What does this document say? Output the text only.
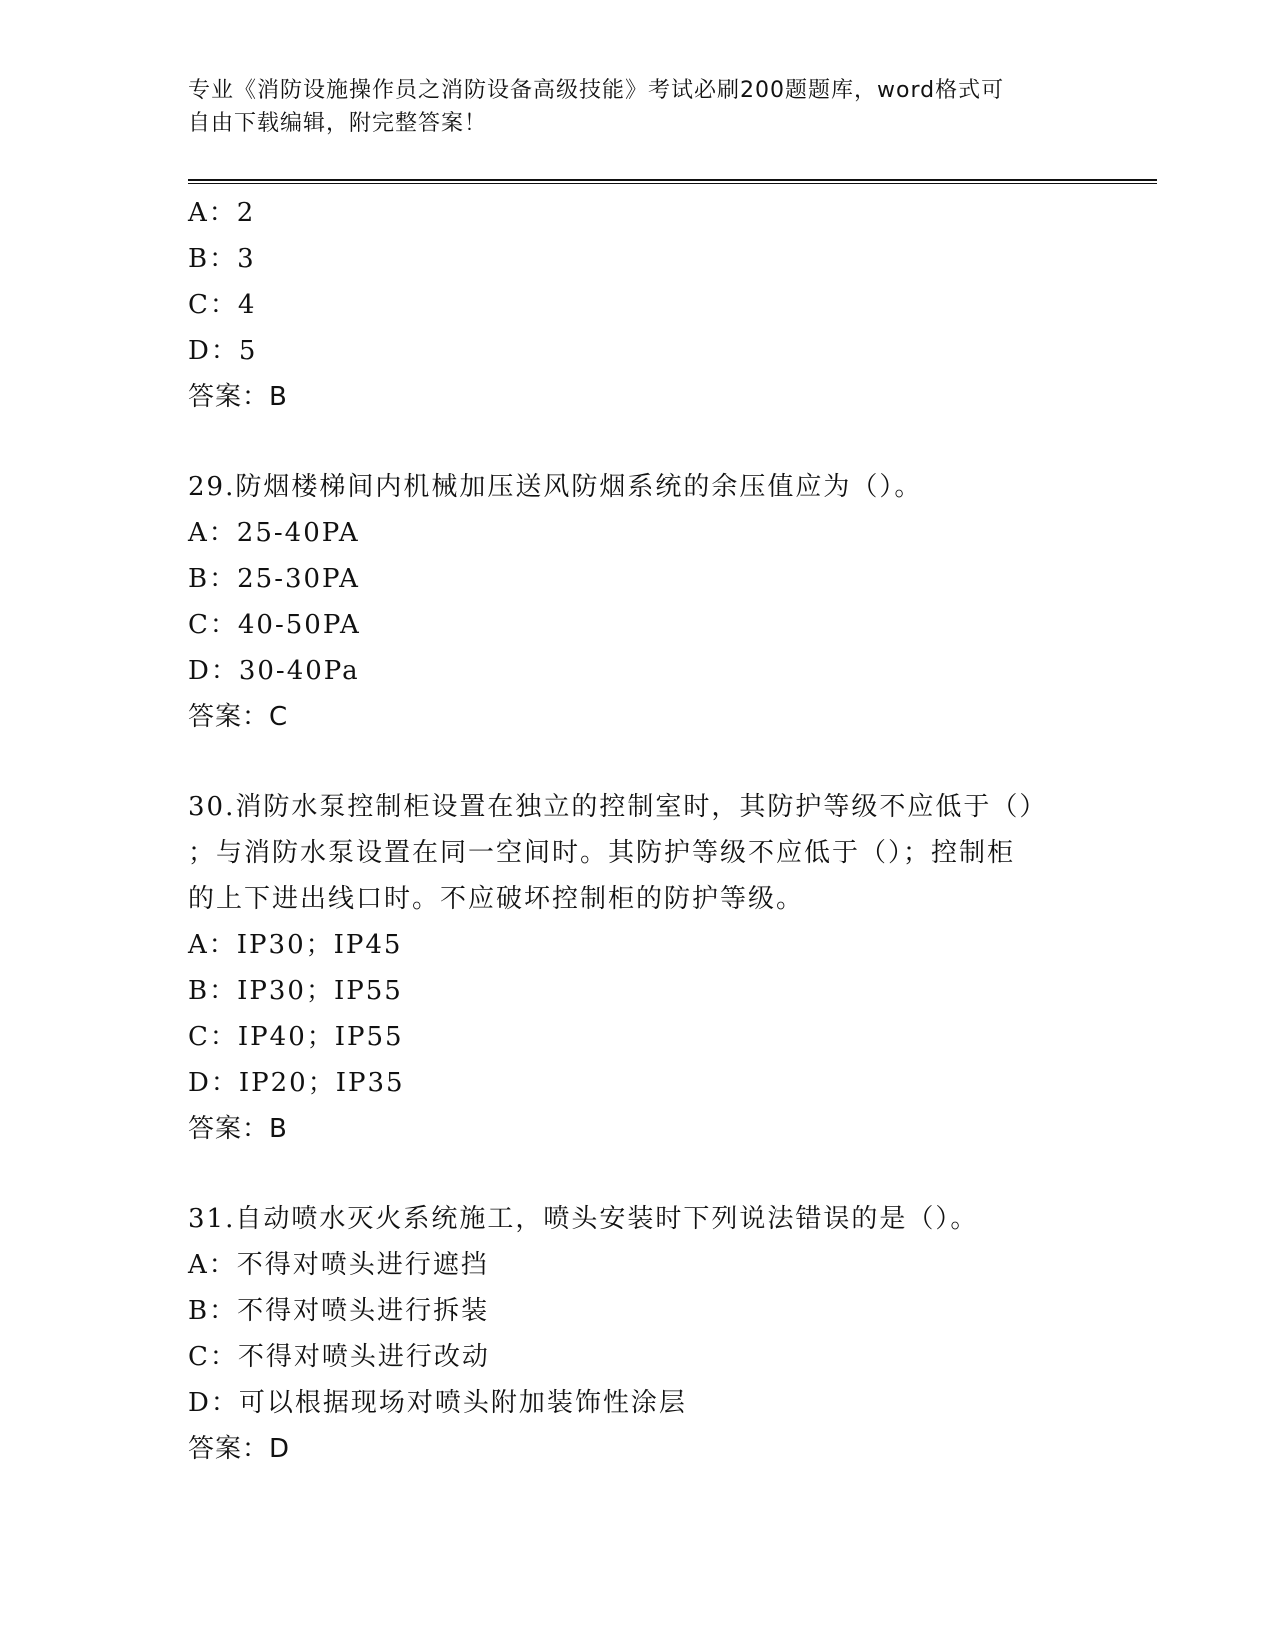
专业《消防设施操作员之消防设备高级技能》考试必刷200题题库，word格式可
自由下载编辑，附完整答案！
A：2
B：3
C：4
D：5
答案：B
29.防烟楼梯间内机械加压送风防烟系统的余压值应为（）。
A：25-40PA
B：25-30PA
C：40-50PA
D：30-40Pa
答案：C
30.消防水泵控制柜设置在独立的控制室时，其防护等级不应低于（）
；与消防水泵设置在同一空间时。其防护等级不应低于（）；控制柜
的上下进出线口时。不应破坏控制柜的防护等级。
A：IP30；IP45
B：IP30；IP55
C：IP40；IP55
D：IP20；IP35
答案：B
31.自动喷水灭火系统施工，喷头安装时下列说法错误的是（）。
A：不得对喷头进行遮挡
B：不得对喷头进行拆装
C：不得对喷头进行改动
D：可以根据现场对喷头附加装饰性涂层
答案：D
